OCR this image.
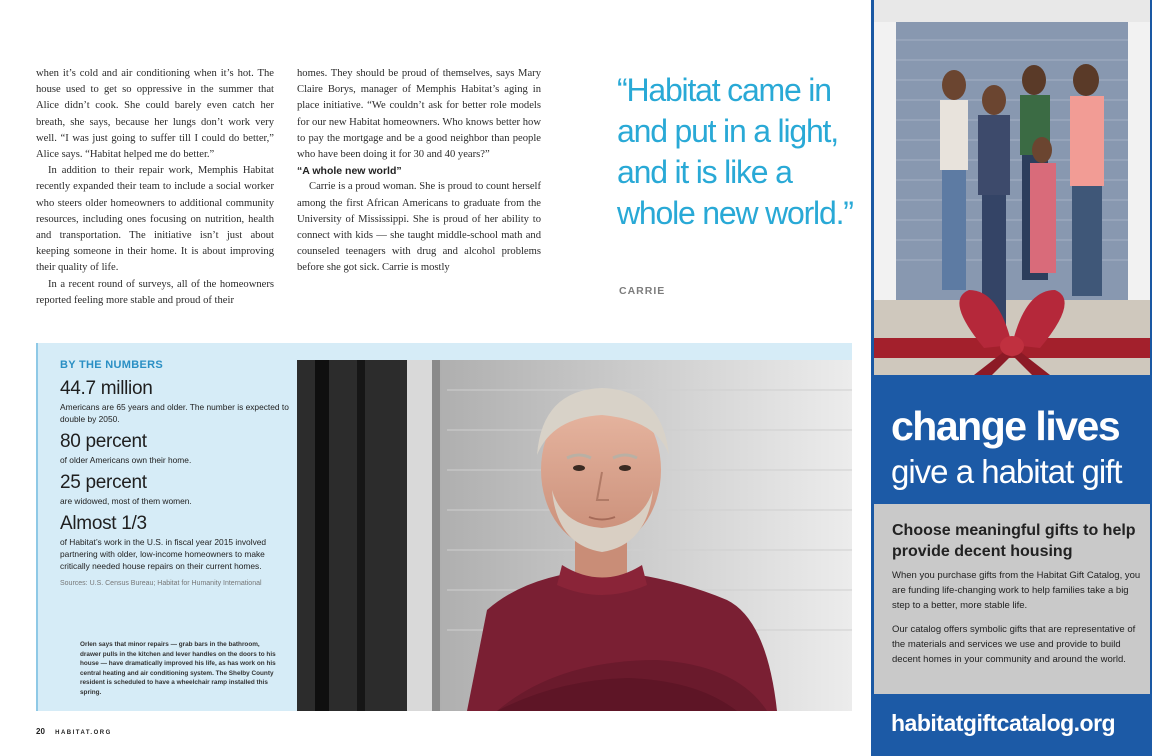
when it’s cold and air conditioning when it’s hot. The house used to get so oppressive in the summer that Alice didn’t cook. She could barely even catch her breath, she says, because her lungs don’t work very well. “I was just going to suffer till I could do better,” Alice says. “Habitat helped me do better.”

In addition to their repair work, Memphis Habitat recently expanded their team to include a social worker who steers older homeowners to additional community resources, including ones focusing on nutrition, health and transportation. The initiative isn’t just about keeping someone in their home. It is about improving their quality of life.

In a recent round of surveys, all of the homeowners reported feeling more stable and proud of their

homes. They should be proud of themselves, says Mary Claire Borys, manager of Memphis Habitat’s aging in place initiative. “We couldn’t ask for better role models for our new Habitat homeowners. Who knows better how to pay the mortgage and be a good neighbor than people who have been doing it for 30 and 40 years?”

“A whole new world”

Carrie is a proud woman. She is proud to count herself among the first African Americans to graduate from the University of Mississippi. She is proud of her ability to connect with kids — she taught middle-school math and counseled teenagers with drug and alcohol problems before she got sick. Carrie is mostly

“Habitat came in and put in a light, and it is like a whole new world.”
CARRIE
BY THE NUMBERS
44.7 million
Americans are 65 years and older. The number is expected to double by 2050.
80 percent
of older Americans own their home.
25 percent
are widowed, most of them women.
Almost 1/3
of Habitat’s work in the U.S. in fiscal year 2015 involved partnering with older, low-income homeowners to make critically needed house repairs on their current homes.
Sources: U.S. Census Bureau; Habitat for Humanity International
Orlen says that minor repairs — grab bars in the bathroom, drawer pulls in the kitchen and lever handles on the doors to his house — have dramatically improved his life, as has work on his central heating and air conditioning system. The Shelby County resident is scheduled to have a wheelchair ramp installed this spring.
20 HABITAT.ORG
change lives
give a habitat gift
Choose meaningful gifts to help provide decent housing
When you purchase gifts from the Habitat Gift Catalog, you are funding life-changing work to help families take a big step to a better, more stable life.
Our catalog offers symbolic gifts that are representative of the materials and services we use and provide to build decent homes in your community and around the world.
habitatgiftcatalog.org
